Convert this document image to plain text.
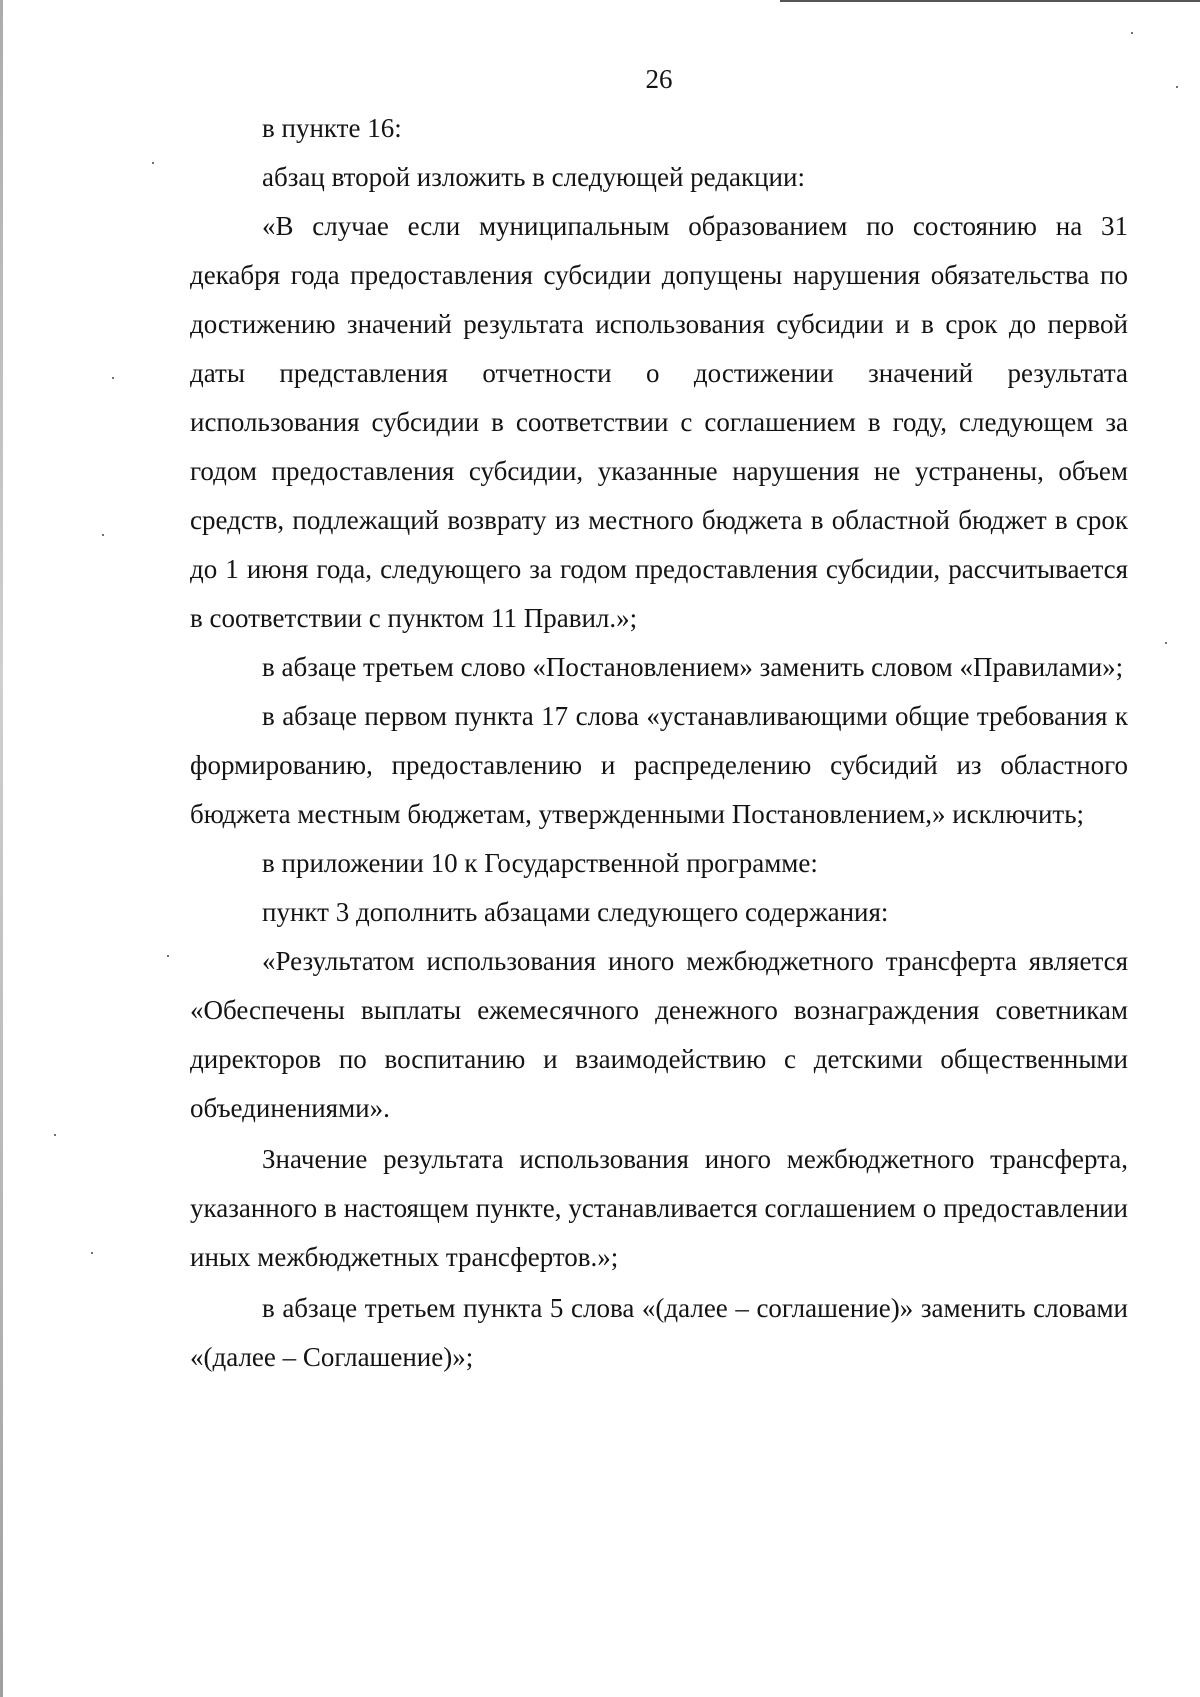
26

в пункте 16:

абзац второй изложить в следующей редакции:

«В случае если муниципальным образованием по состоянию на 31 декабря года предоставления субсидии допущены нарушения обязательства по достижению значений результата использования субсидии и в срок до первой даты представления отчетности о достижении значений результата использования субсидии в соответствии с соглашением в году, следующем за годом предоставления субсидии, указанные нарушения не устранены, объем средств, подлежащий возврату из местного бюджета в областной бюджет в срок до 1 июня года, следующего за годом предоставления субсидии, рассчитывается в соответствии с пунктом 11 Правил.»;

в абзаце третьем слово «Постановлением» заменить словом «Правилами»;

в абзаце первом пункта 17 слова «устанавливающими общие требования к формированию, предоставлению и распределению субсидий из областного бюджета местным бюджетам, утвержденными Постановлением,» исключить;

в приложении 10 к Государственной программе:

пункт 3 дополнить абзацами следующего содержания:

«Результатом использования иного межбюджетного трансферта является «Обеспечены выплаты ежемесячного денежного вознаграждения советникам директоров по воспитанию и взаимодействию с детскими общественными объединениями».

Значение результата использования иного межбюджетного трансферта, указанного в настоящем пункте, устанавливается соглашением о предоставлении иных межбюджетных трансфертов.»;

в абзаце третьем пункта 5 слова «(далее – соглашение)» заменить словами «(далее – Соглашение)»;
